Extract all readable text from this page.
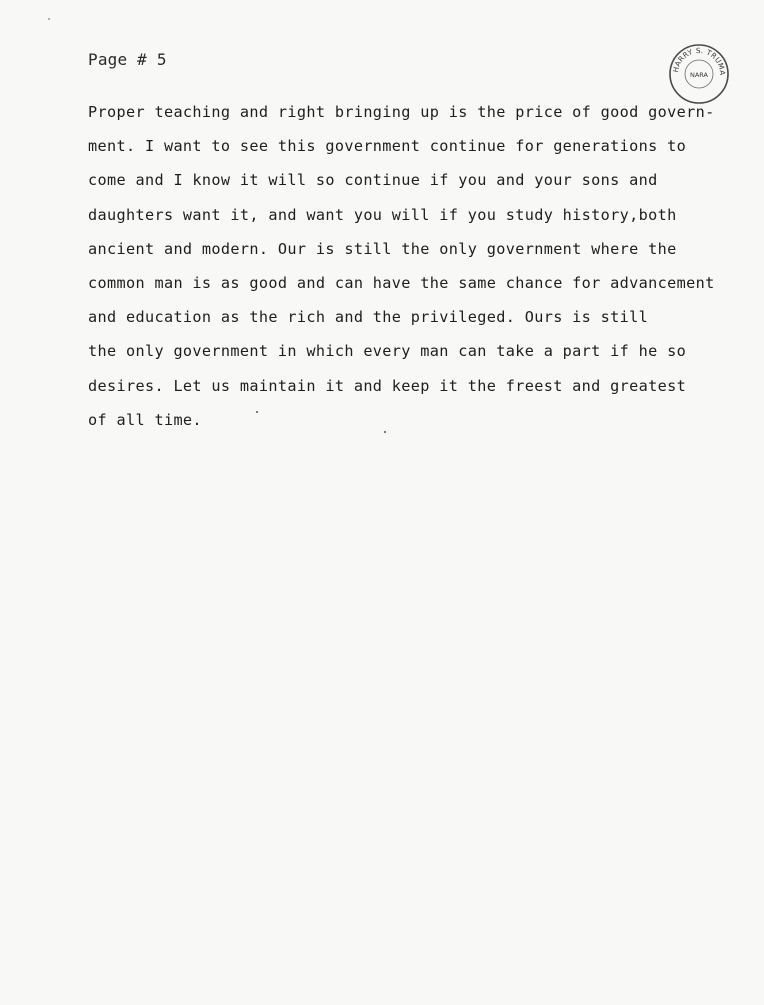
Page # 5
HARRY S. TRUMA
NARA
Proper teaching and right bringing up is the price of good govern-
ment. I want to see this government continue for generations to
come and I know it will so continue if you and your sons and
daughters want it, and want you will if you study history,both
ancient and modern. Our is still the only government where the
common man is as good and can have the same chance for advancement
and education as the rich and the privileged. Ours is still
the only government in which every man can take a part if he so
desires. Let us maintain it and keep it the freest and greatest
of all time.
